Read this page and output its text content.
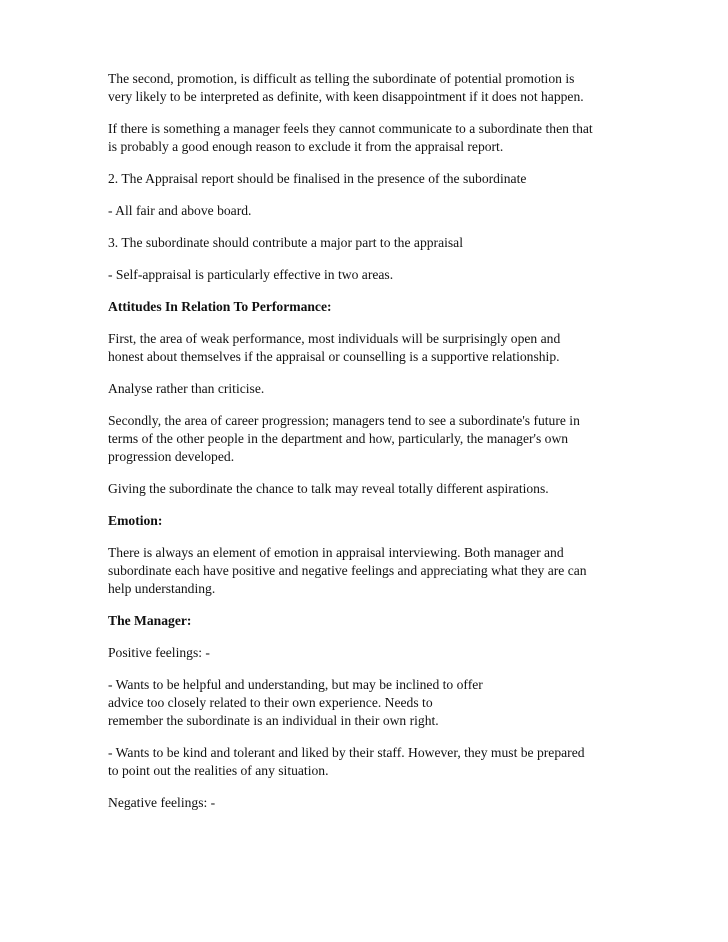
The second, promotion, is difficult as telling the subordinate of potential promotion is
very likely to be interpreted as definite, with keen disappointment if it does not happen.
If there is something a manager feels they cannot communicate to a subordinate then that
is probably a good enough reason to exclude it from the appraisal report.
2. The Appraisal report should be finalised in the presence of the subordinate
- All fair and above board.
3. The subordinate should contribute a major part to the appraisal
- Self-appraisal is particularly effective in two areas.
Attitudes In Relation To Performance:
First, the area of weak performance, most individuals will be surprisingly open and
honest about themselves if the appraisal or counselling is a supportive relationship.
Analyse rather than criticise.
Secondly, the area of career progression; managers tend to see a subordinate's future in
terms of the other people in the department and how, particularly, the manager's own
progression developed.
Giving the subordinate the chance to talk may reveal totally different aspirations.
Emotion:
There is always an element of emotion in appraisal interviewing. Both manager and
subordinate each have positive and negative feelings and appreciating what they are can
help understanding.
The Manager:
Positive feelings: -
- Wants to be helpful and understanding, but may be inclined to offer
advice too closely related to their own experience. Needs to
remember the subordinate is an individual in their own right.
- Wants to be kind and tolerant and liked by their staff. However, they must be prepared
to point out the realities of any situation.
Negative feelings: -
